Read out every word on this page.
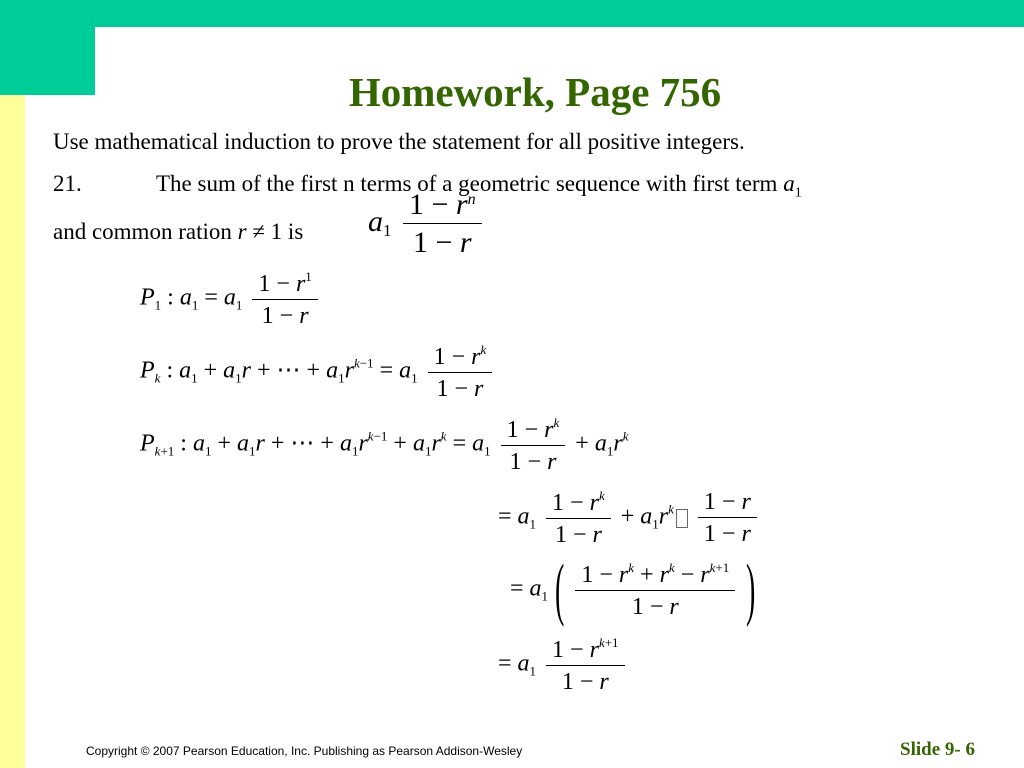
Homework, Page 756
Use mathematical induction to prove the statement for all positive integers.
21.	The sum of the first n terms of a geometric sequence with first term $a_1$
and common ration r ≠ 1 is $a_1 \frac{1 - r^n}{1 - r}$
$P_1$ : $a_1 = a_1 \frac{1 - r^1}{1 - r}$
$P_k$ : $a_1 + a_1r$ + ⋯ + $a_1r^{k-1} = a_1 \frac{1 - r^k}{1 - r}$
$P_{k+1}$ : $a_1 + a_1r$ + ⋯ + $a_1r^{k-1} + a_1r^k = a_1 \frac{1 - r^k}{1 - r} + a_1r^k$
= $a_1 \frac{1 - r^k}{1 - r} + a_1r^k \frac{1 - r}{1 - r}$
= $a_1( \frac{1 - r^k + r^k - r^{k+1}}{1 - r}$ )
= $a_1 \frac{1 - r^{k+1}}{1 - r}$
Copyright © 2007 Pearson Education, Inc. Publishing as Pearson Addison-Wesley	Slide 9- 6
